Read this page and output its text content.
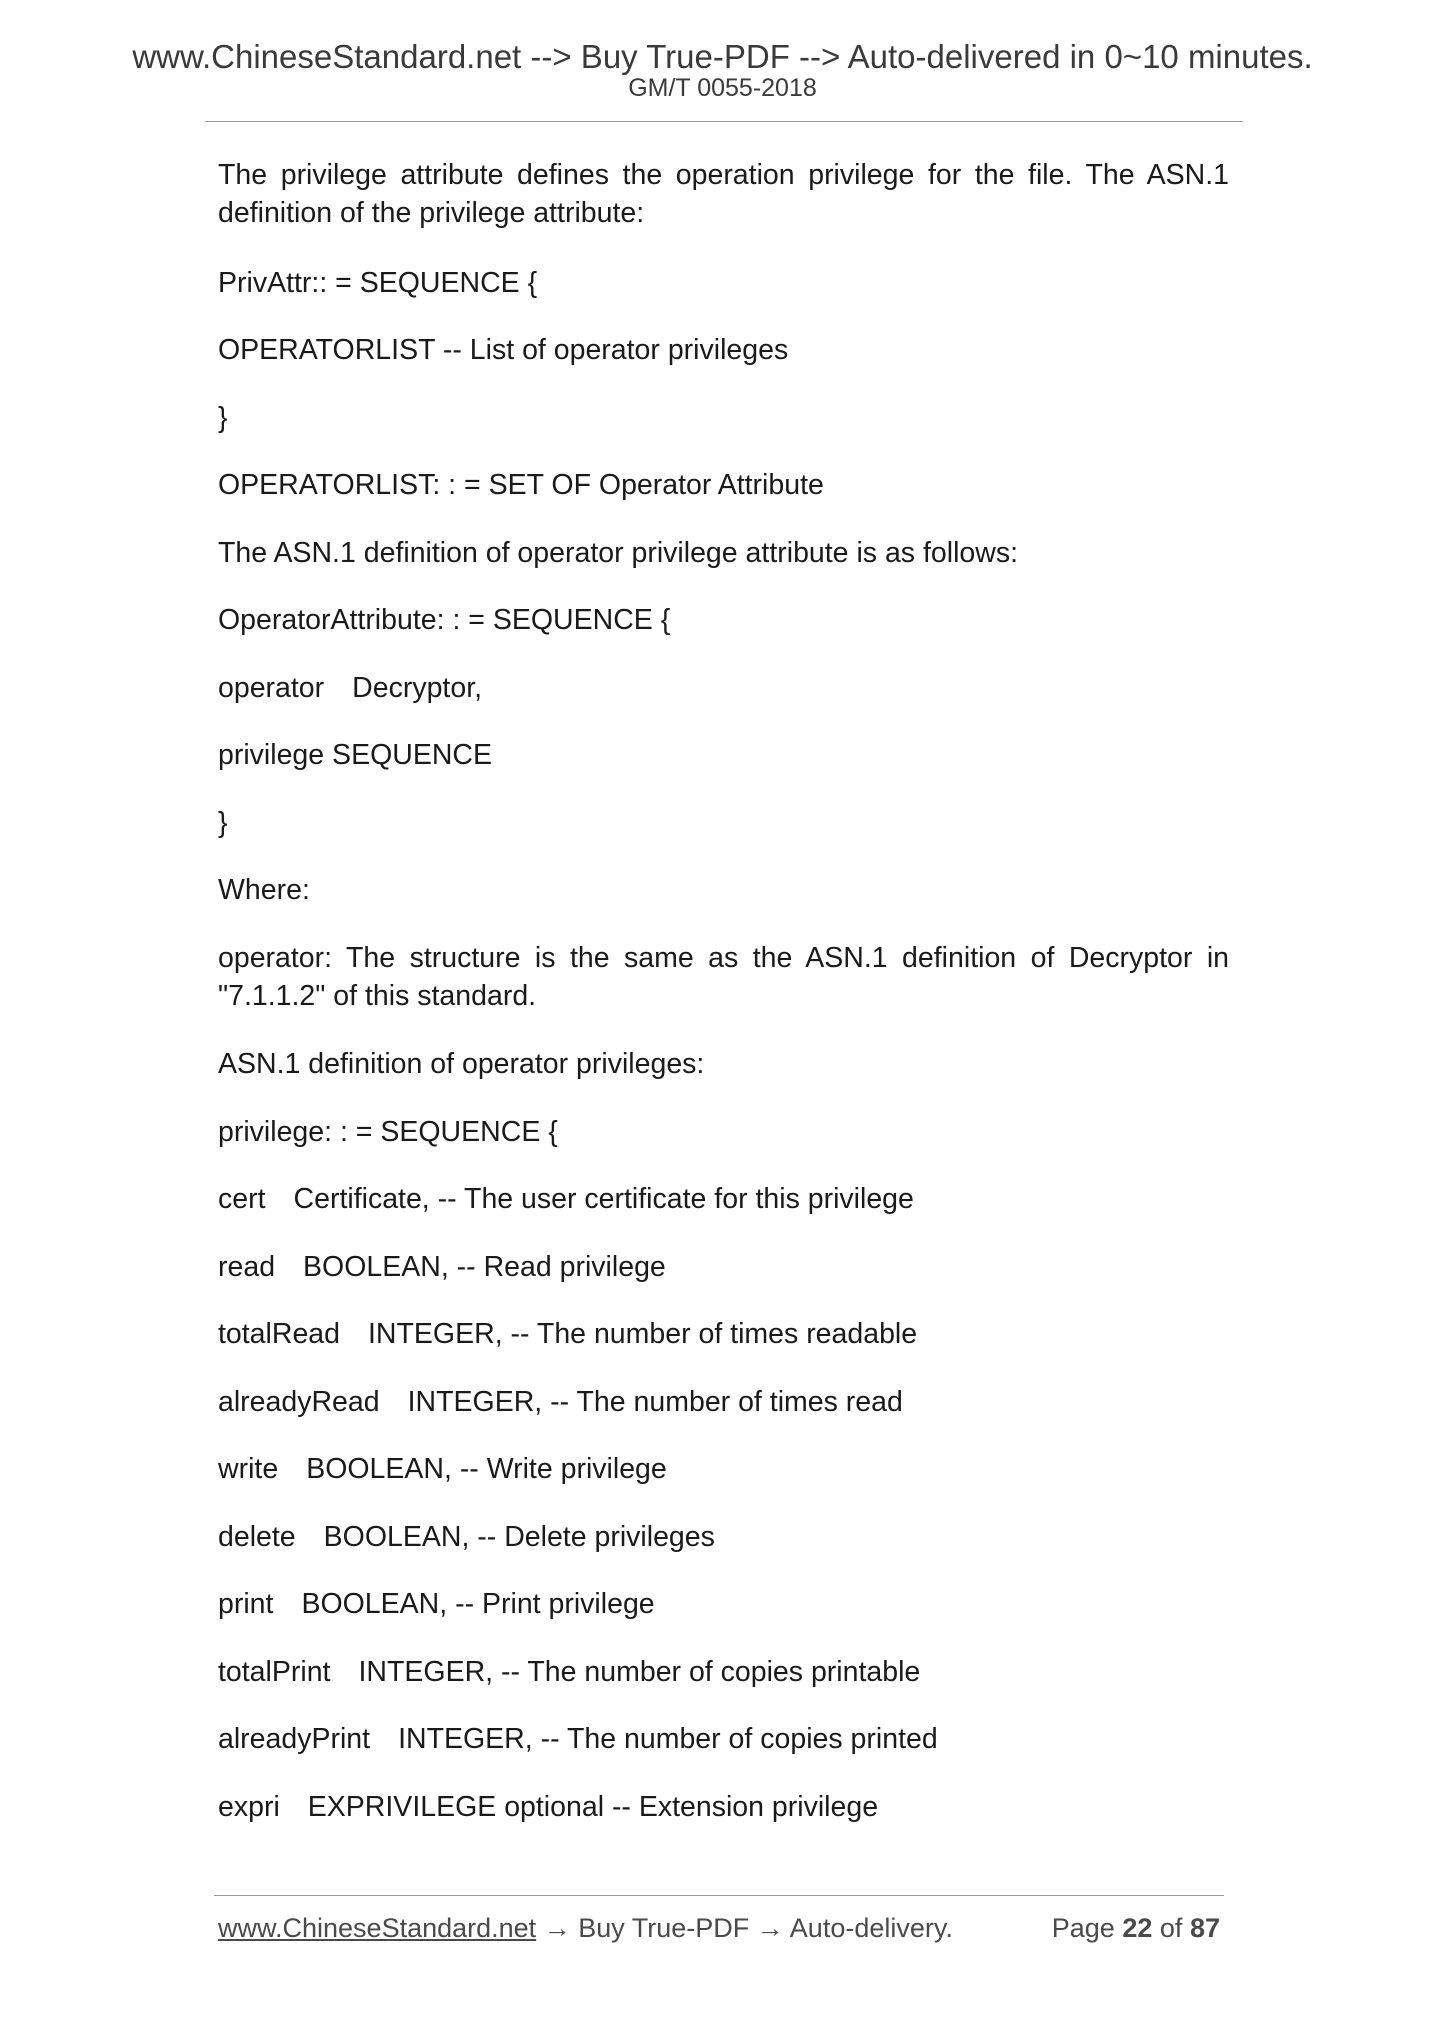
www.ChineseStandard.net --> Buy True-PDF --> Auto-delivered in 0~10 minutes.
GM/T 0055-2018

The privilege attribute defines the operation privilege for the file. The ASN.1 definition of the privilege attribute:

PrivAttr:: = SEQUENCE {

OPERATORLIST -- List of operator privileges

}

OPERATORLIST: : = SET OF Operator Attribute

The ASN.1 definition of operator privilege attribute is as follows:

OperatorAttribute: : = SEQUENCE {

operator Decryptor,

privilege SEQUENCE

}

Where:

operator: The structure is the same as the ASN.1 definition of Decryptor in "7.1.1.2" of this standard.

ASN.1 definition of operator privileges:

privilege: : = SEQUENCE {

cert Certificate, -- The user certificate for this privilege

read BOOLEAN, -- Read privilege

totalRead INTEGER, -- The number of times readable

alreadyRead INTEGER, -- The number of times read

write BOOLEAN, -- Write privilege

delete BOOLEAN, -- Delete privileges

print BOOLEAN, -- Print privilege

totalPrint INTEGER, -- The number of copies printable

alreadyPrint INTEGER, -- The number of copies printed

expri EXPRIVILEGE optional -- Extension privilege

www.ChineseStandard.net → Buy True-PDF → Auto-delivery.	Page 22 of 87
